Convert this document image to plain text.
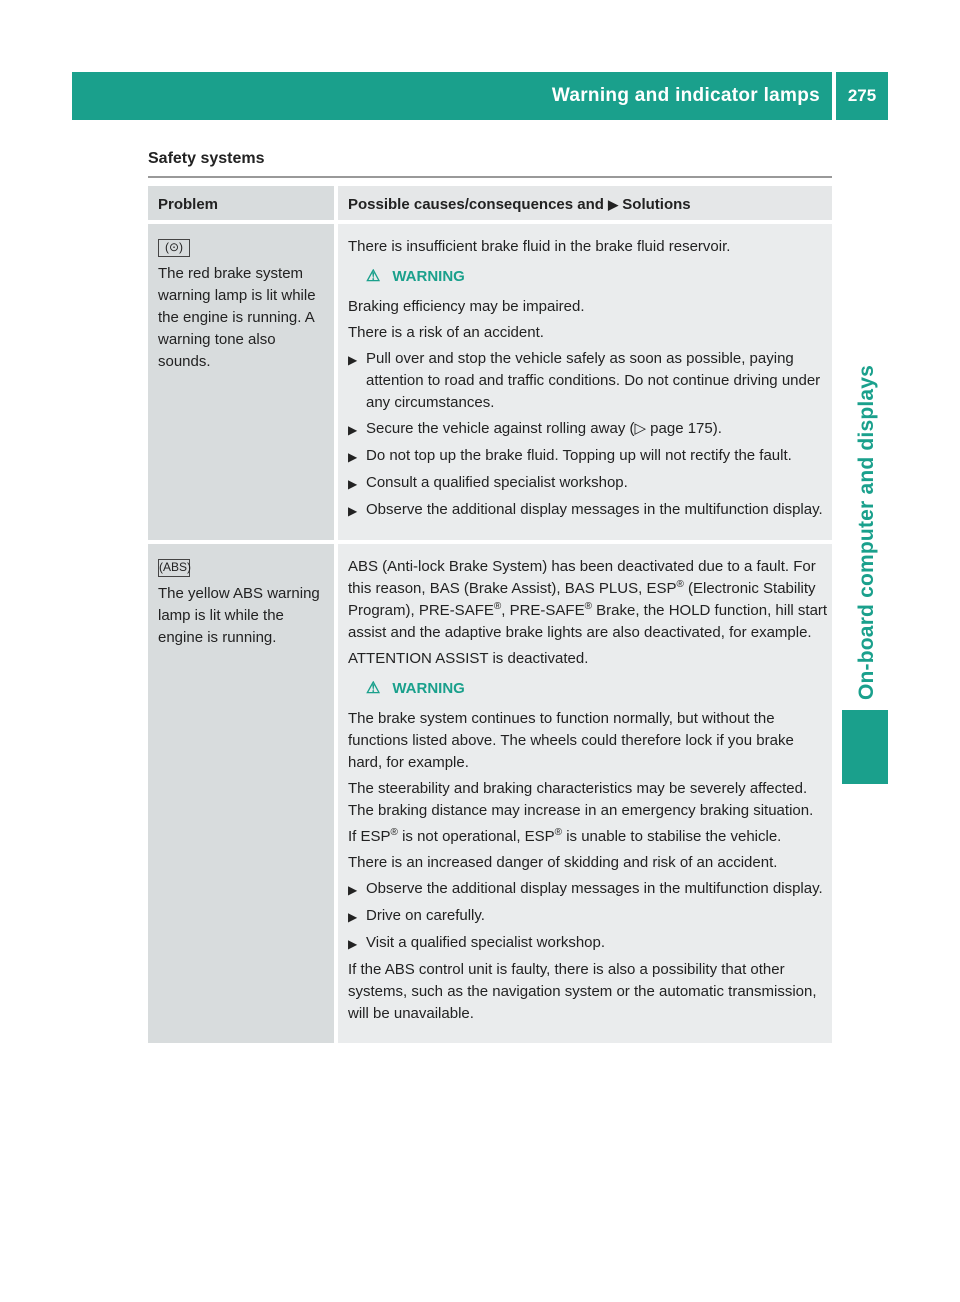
Warning and indicator lamps	275
On-board computer and displays
Safety systems
Problem	Possible causes/consequences and ▶ Solutions
(⊙)
The red brake system warning lamp is lit while the engine is running. A warning tone also sounds.

There is insufficient brake fluid in the brake fluid reservoir.

⚠ WARNING

Braking efficiency may be impaired.

There is a risk of an accident.

▶ Pull over and stop the vehicle safely as soon as possible, paying attention to road and traffic conditions. Do not continue driving under any circumstances.
▶ Secure the vehicle against rolling away (▷ page 175).
▶ Do not top up the brake fluid. Topping up will not rectify the fault.
▶ Consult a qualified specialist workshop.
▶ Observe the additional display messages in the multifunction display.
(ABS)
The yellow ABS warning lamp is lit while the engine is running.

ABS (Anti-lock Brake System) has been deactivated due to a fault. For this reason, BAS (Brake Assist), BAS PLUS, ESP® (Electronic Stability Program), PRE-SAFE®, PRE-SAFE® Brake, the HOLD function, hill start assist and the adaptive brake lights are also deactivated, for example.

ATTENTION ASSIST is deactivated.

⚠ WARNING

The brake system continues to function normally, but without the functions listed above. The wheels could therefore lock if you brake hard, for example.

The steerability and braking characteristics may be severely affected. The braking distance may increase in an emergency braking situation.

If ESP® is not operational, ESP® is unable to stabilise the vehicle.

There is an increased danger of skidding and risk of an accident.

▶ Observe the additional display messages in the multifunction display.
▶ Drive on carefully.
▶ Visit a qualified specialist workshop.

If the ABS control unit is faulty, there is also a possibility that other systems, such as the navigation system or the automatic transmission, will be unavailable.
